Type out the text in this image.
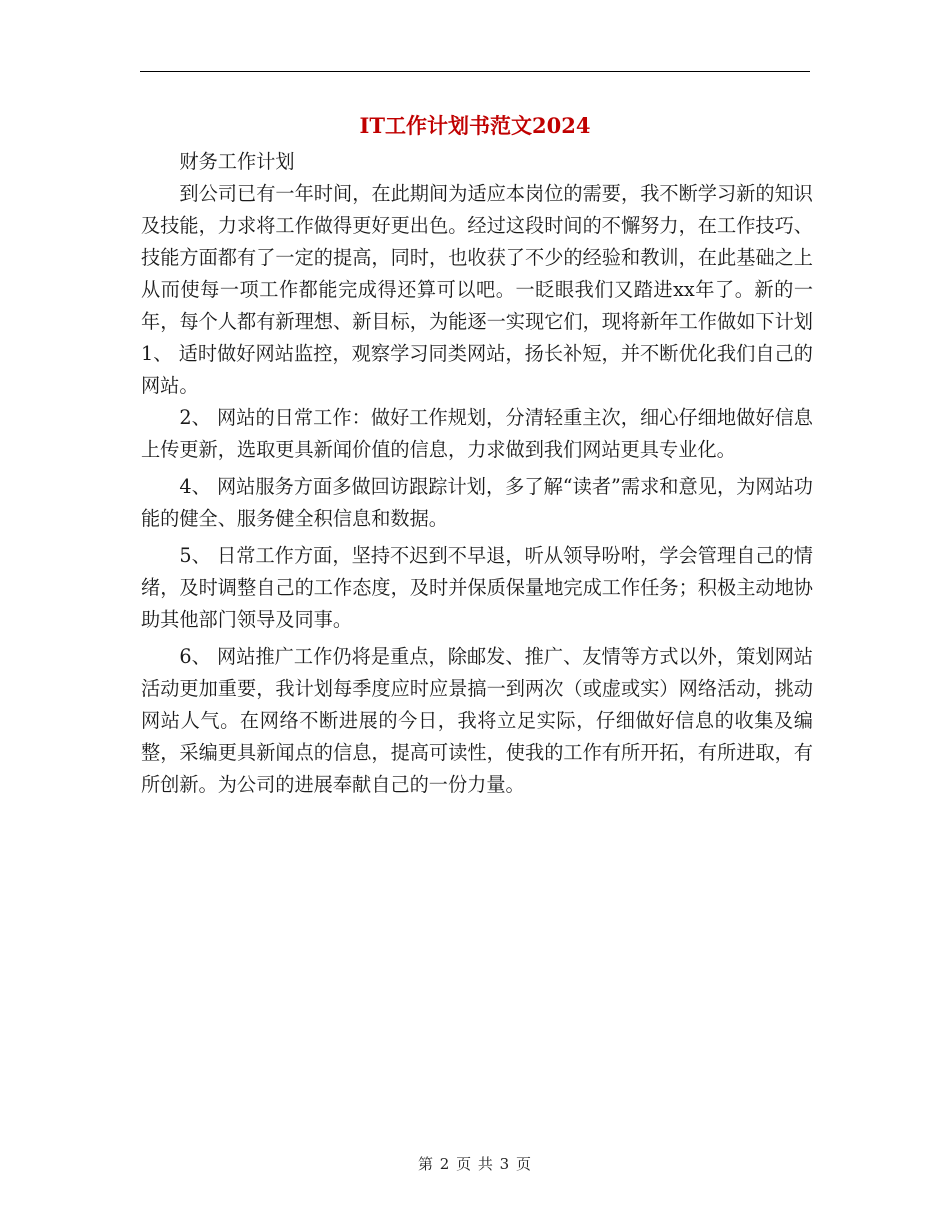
IT工作计划书范文2024

财务工作计划

到公司已有一年时间，在此期间为适应本岗位的需要，我不断学习新的知识及技能，力求将工作做得更好更出色。经过这段时间的不懈努力，在工作技巧、技能方面都有了一定的提高，同时，也收获了不少的经验和教训，在此基础之上从而使每一项工作都能完成得还算可以吧。一眨眼我们又踏进xx年了。新的一年，每个人都有新理想、新目标，为能逐一实现它们，现将新年工作做如下计划1、 适时做好网站监控，观察学习同类网站，扬长补短，并不断优化我们自己的网站。

2、 网站的日常工作：做好工作规划，分清轻重主次，细心仔细地做好信息上传更新，选取更具新闻价值的信息，力求做到我们网站更具专业化。

4、 网站服务方面多做回访跟踪计划，多了解“读者”需求和意见，为网站功能的健全、服务健全积信息和数据。

5、 日常工作方面，坚持不迟到不早退，听从领导吩咐，学会管理自己的情绪，及时调整自己的工作态度，及时并保质保量地完成工作任务；积极主动地协助其他部门领导及同事。

6、 网站推广工作仍将是重点，除邮发、推广、友情等方式以外，策划网站活动更加重要，我计划每季度应时应景搞一到两次（或虚或实）网络活动，挑动网站人气。在网络不断进展的今日，我将立足实际，仔细做好信息的收集及编整，采编更具新闻点的信息，提高可读性，使我的工作有所开拓，有所进取，有所创新。为公司的进展奉献自己的一份力量。

第 2 页 共 3 页
